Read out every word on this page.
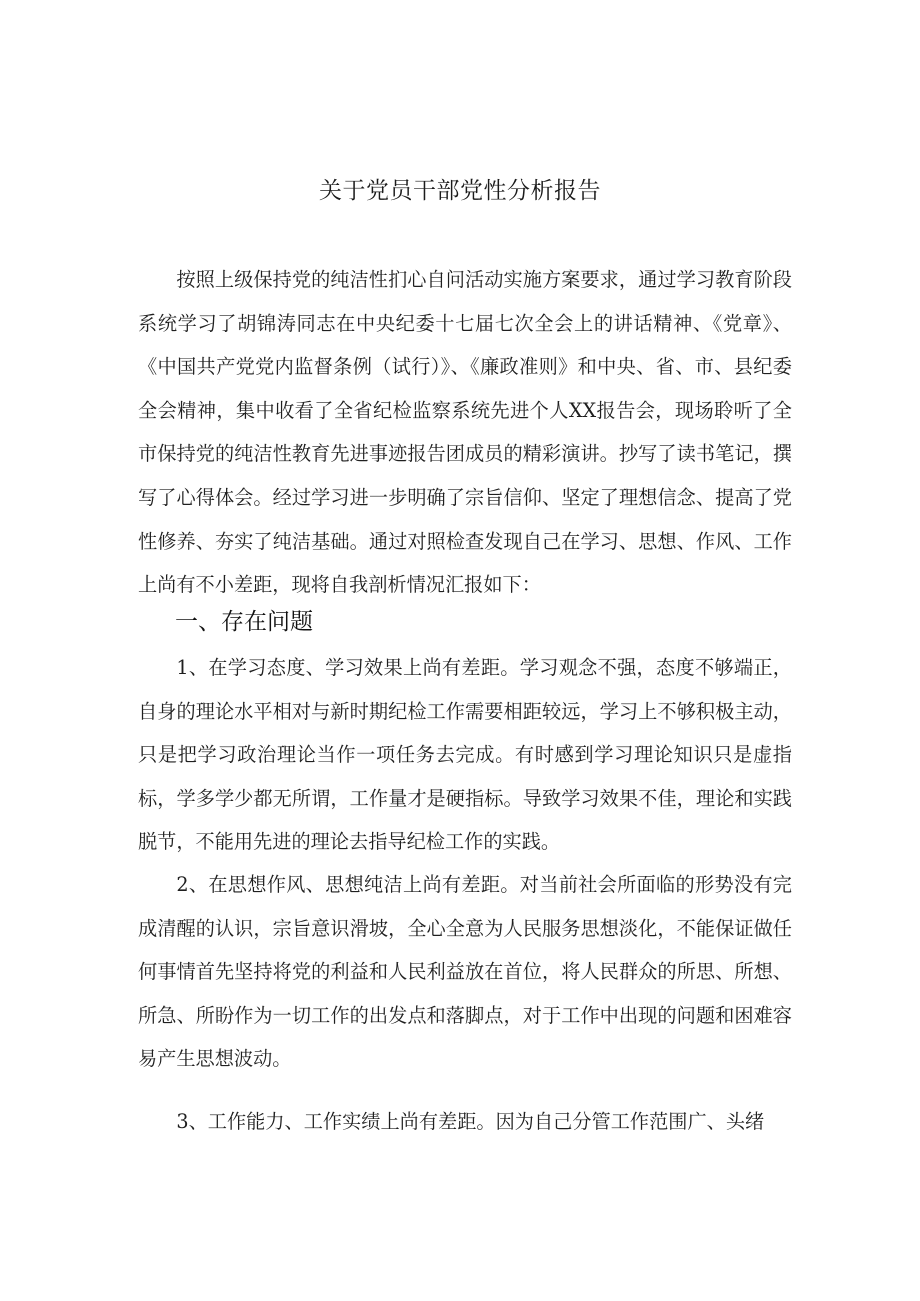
关于党员干部党性分析报告

按照上级保持党的纯洁性扪心自问活动实施方案要求，通过学习教育阶段系统学习了胡锦涛同志在中央纪委十七届七次全会上的讲话精神、《党章》、《中国共产党党内监督条例（试行）》、《廉政准则》和中央、省、市、县纪委全会精神，集中收看了全省纪检监察系统先进个人XX报告会，现场聆听了全市保持党的纯洁性教育先进事迹报告团成员的精彩演讲。抄写了读书笔记，撰写了心得体会。经过学习进一步明确了宗旨信仰、坚定了理想信念、提高了党性修养、夯实了纯洁基础。通过对照检查发现自己在学习、思想、作风、工作上尚有不小差距，现将自我剖析情况汇报如下：

一、存在问题

1、在学习态度、学习效果上尚有差距。学习观念不强，态度不够端正，自身的理论水平相对与新时期纪检工作需要相距较远，学习上不够积极主动，只是把学习政治理论当作一项任务去完成。有时感到学习理论知识只是虚指标，学多学少都无所谓，工作量才是硬指标。导致学习效果不佳，理论和实践脱节，不能用先进的理论去指导纪检工作的实践。

2、在思想作风、思想纯洁上尚有差距。对当前社会所面临的形势没有完成清醒的认识，宗旨意识滑坡，全心全意为人民服务思想淡化，不能保证做任何事情首先坚持将党的利益和人民利益放在首位，将人民群众的所思、所想、所急、所盼作为一切工作的出发点和落脚点，对于工作中出现的问题和困难容易产生思想波动。

3、工作能力、工作实绩上尚有差距。因为自己分管工作范围广、头绪
